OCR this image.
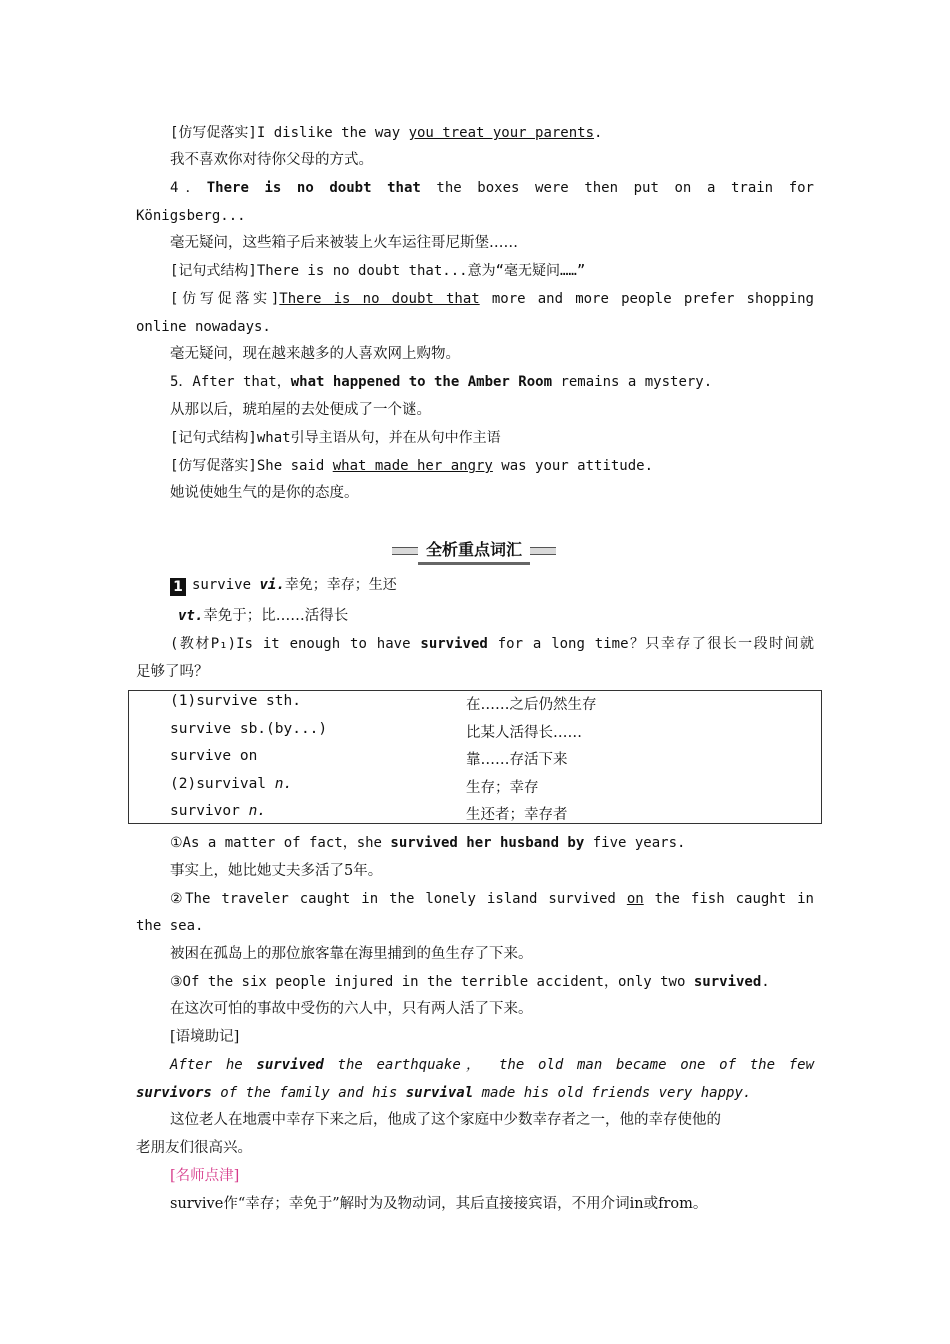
[仿写促落实]I dislike the way you treat your parents.
我不喜欢你对待你父母的方式。
4．There is no doubt that the boxes were then put on a train for
Königsberg...
毫无疑问，这些箱子后来被装上火车运往哥尼斯堡……
[记句式结构]There is no doubt that...意为“毫无疑问……”
[仿写促落实]There is no doubt that more and more people prefer shopping
online nowadays.
毫无疑问，现在越来越多的人喜欢网上购物。
5．After that，what happened to the Amber Room remains a mystery.
从那以后，琥珀屋的去处便成了一个谜。
[记句式结构]what引导主语从句，并在从句中作主语
[仿写促落实]She said what made her angry was your attitude.
她说使她生气的是你的态度。
全析重点词汇
1 survive vi.幸免；幸存；生还
vt.幸免于；比……活得长
(教材P₁)Is it enough to have survived for a long time？只幸存了很长一段时间就
足够了吗？
(1)survive sth.	在……之后仍然生存
survive sb.(by...)	比某人活得长……
survive on	靠……存活下来
(2)survival n.	生存；幸存
survivor n.	生还者；幸存者
①As a matter of fact，she survived her husband by five years.
事实上，她比她丈夫多活了5年。
②The traveler caught in the lonely island survived on the fish caught in
the sea.
被困在孤岛上的那位旅客靠在海里捕到的鱼生存了下来。
③Of the six people injured in the terrible accident，only two survived.
在这次可怕的事故中受伤的六人中，只有两人活了下来。
[语境助记]
After he survived the earthquake， the old man became one of the few
survivors of the family and his survival made his old friends very happy.
这位老人在地震中幸存下来之后，他成了这个家庭中少数幸存者之一，他的幸存使他的
老朋友们很高兴。
[名师点津]
survive作“幸存；幸免于”解时为及物动词，其后直接接宾语，不用介词in或from。
